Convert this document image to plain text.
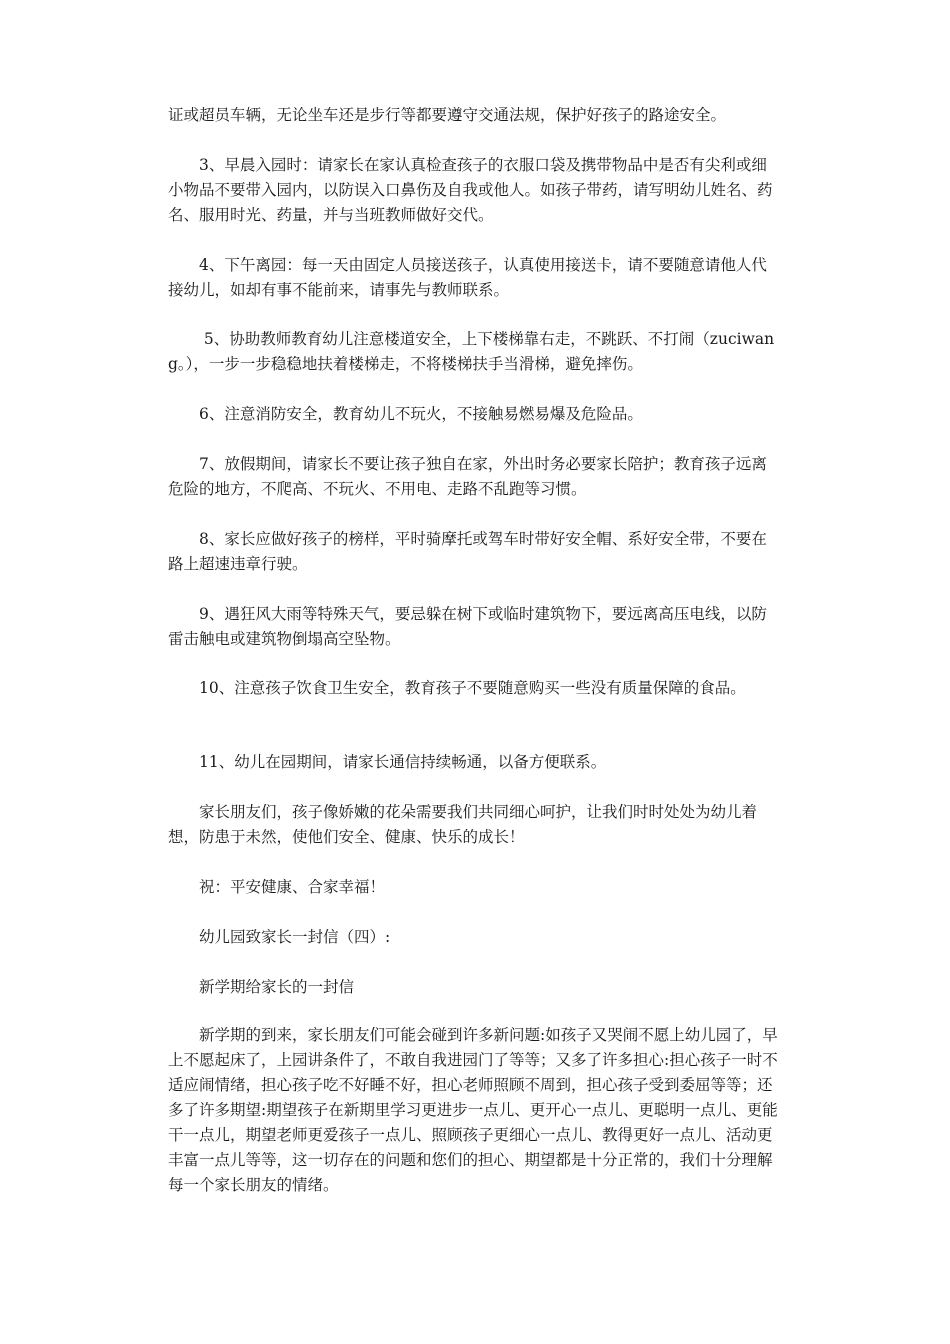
证或超员车辆，无论坐车还是步行等都要遵守交通法规，保护好孩子的路途安全。

　　3、早晨入园时：请家长在家认真检查孩子的衣服口袋及携带物品中是否有尖利或细小物品不要带入园内，以防误入口鼻伤及自我或他人。如孩子带药，请写明幼儿姓名、药名、服用时光、药量，并与当班教师做好交代。

　　4、下午离园：每一天由固定人员接送孩子，认真使用接送卡，请不要随意请他人代接幼儿，如却有事不能前来，请事先与教师联系。

　　 5、协助教师教育幼儿注意楼道安全，上下楼梯靠右走，不跳跃、不打闹（zuciwang。），一步一步稳稳地扶着楼梯走，不将楼梯扶手当滑梯，避免摔伤。

　　6、注意消防安全，教育幼儿不玩火，不接触易燃易爆及危险品。

　　7、放假期间，请家长不要让孩子独自在家，外出时务必要家长陪护；教育孩子远离危险的地方，不爬高、不玩火、不用电、走路不乱跑等习惯。

　　8、家长应做好孩子的榜样，平时骑摩托或驾车时带好安全帽、系好安全带，不要在路上超速违章行驶。

　　9、遇狂风大雨等特殊天气，要忌躲在树下或临时建筑物下，要远离高压电线，以防雷击触电或建筑物倒塌高空坠物。

　　10、注意孩子饮食卫生安全，教育孩子不要随意购买一些没有质量保障的食品。

　　11、幼儿在园期间，请家长通信持续畅通，以备方便联系。

　　家长朋友们，孩子像娇嫩的花朵需要我们共同细心呵护，让我们时时处处为幼儿着想，防患于未然，使他们安全、健康、快乐的成长！

　　祝：平安健康、合家幸福！

　　幼儿园致家长一封信（四）:

　　新学期给家长的一封信

　　新学期的到来，家长朋友们可能会碰到许多新问题:如孩子又哭闹不愿上幼儿园了，早上不愿起床了，上园讲条件了，不敢自我进园门了等等；又多了许多担心:担心孩子一时不适应闹情绪，担心孩子吃不好睡不好，担心老师照顾不周到，担心孩子受到委屈等等；还多了许多期望:期望孩子在新期里学习更进步一点儿、更开心一点儿、更聪明一点儿、更能干一点儿，期望老师更爱孩子一点儿、照顾孩子更细心一点儿、教得更好一点儿、活动更丰富一点儿等等，这一切存在的问题和您们的担心、期望都是十分正常的，我们十分理解每一个家长朋友的情绪。
